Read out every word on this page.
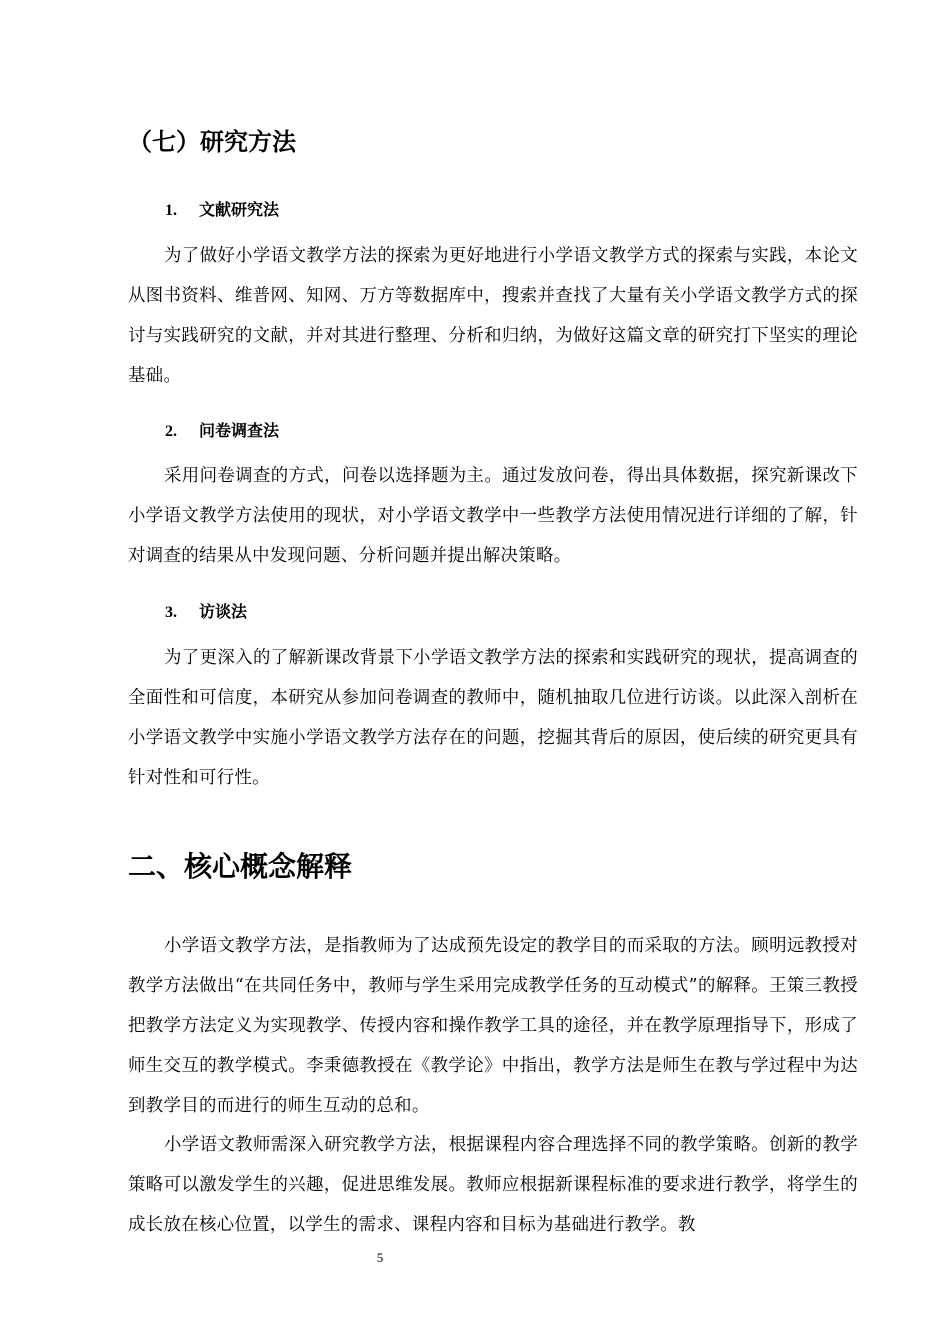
（七）研究方法
1. 文献研究法

为了做好小学语文教学方法的探索为更好地进行小学语文教学方式的探索与实践，本论文从图书资料、维普网、知网、万方等数据库中，搜索并查找了大量有关小学语文教学方式的探讨与实践研究的文献，并对其进行整理、分析和归纳，为做好这篇文章的研究打下坚实的理论基础。

2. 问卷调查法

采用问卷调查的方式，问卷以选择题为主。通过发放问卷，得出具体数据，探究新课改下小学语文教学方法使用的现状，对小学语文教学中一些教学方法使用情况进行详细的了解，针对调查的结果从中发现问题、分析问题并提出解决策略。

3. 访谈法

为了更深入的了解新课改背景下小学语文教学方法的探索和实践研究的现状，提高调查的全面性和可信度，本研究从参加问卷调查的教师中，随机抽取几位进行访谈。以此深入剖析在小学语文教学中实施小学语文教学方法存在的问题，挖掘其背后的原因，使后续的研究更具有针对性和可行性。

二、核心概念解释

小学语文教学方法，是指教师为了达成预先设定的教学目的而采取的方法。顾明远教授对教学方法做出“在共同任务中，教师与学生采用完成教学任务的互动模式”的解释。王策三教授把教学方法定义为实现教学、传授内容和操作教学工具的途径，并在教学原理指导下，形成了师生交互的教学模式。李秉德教授在《教学论》中指出，教学方法是师生在教与学过程中为达到教学目的而进行的师生互动的总和。

小学语文教师需深入研究教学方法，根据课程内容合理选择不同的教学策略。创新的教学策略可以激发学生的兴趣，促进思维发展。教师应根据新课程标准的要求进行教学，将学生的成长放在核心位置，以学生的需求、课程内容和目标为基础进行教学。教

5
